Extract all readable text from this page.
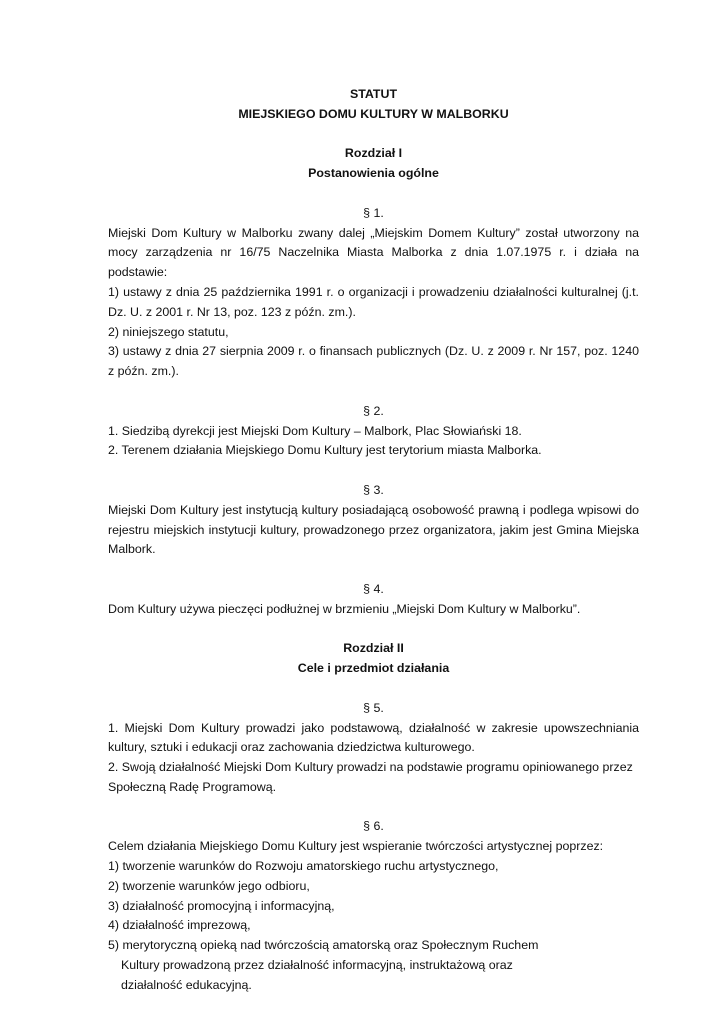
STATUT

MIEJSKIEGO DOMU KULTURY W MALBORKU

Rozdział I

Postanowienia ogólne

§ 1.

Miejski Dom Kultury w Malborku zwany dalej „Miejskim Domem Kultury” został utworzony na mocy zarządzenia nr 16/75 Naczelnika Miasta Malborka z dnia 1.07.1975 r. i działa na podstawie:

1) ustawy z dnia 25 października 1991 r. o organizacji i prowadzeniu działalności kulturalnej (j.t. Dz. U. z 2001 r. Nr 13, poz. 123 z późn. zm.).

2) niniejszego statutu,

3) ustawy z dnia 27 sierpnia 2009 r. o finansach publicznych (Dz. U. z 2009 r. Nr 157, poz. 1240 z późn. zm.).

§ 2.

1. Siedzibą dyrekcji jest Miejski Dom Kultury – Malbork, Plac Słowiański 18.

2. Terenem działania Miejskiego Domu Kultury jest terytorium miasta Malborka.

§ 3.

Miejski Dom Kultury jest instytucją kultury posiadającą osobowość prawną i podlega wpisowi do rejestru miejskich instytucji kultury, prowadzonego przez organizatora, jakim jest Gmina Miejska Malbork.

§ 4.

Dom Kultury używa pieczęci podłużnej w brzmieniu „Miejski Dom Kultury w Malborku”.

Rozdział II

Cele i przedmiot działania

§ 5.

1. Miejski Dom Kultury prowadzi jako podstawową, działalność w zakresie upowszechniania kultury, sztuki i edukacji oraz zachowania dziedzictwa kulturowego.

2. Swoją działalność Miejski Dom Kultury prowadzi na podstawie programu opiniowanego przez Społeczną Radę Programową.

§ 6.

Celem działania Miejskiego Domu Kultury jest wspieranie twórczości artystycznej poprzez:

1) tworzenie warunków do Rozwoju amatorskiego ruchu artystycznego,

2) tworzenie warunków jego odbioru,

3) działalność promocyjną i informacyjną,

4) działalność imprezową,

5) merytoryczną opieką nad twórczością amatorską oraz Społecznym Ruchem Kultury prowadzoną przez działalność informacyjną, instruktażową oraz działalność edukacyjną.
